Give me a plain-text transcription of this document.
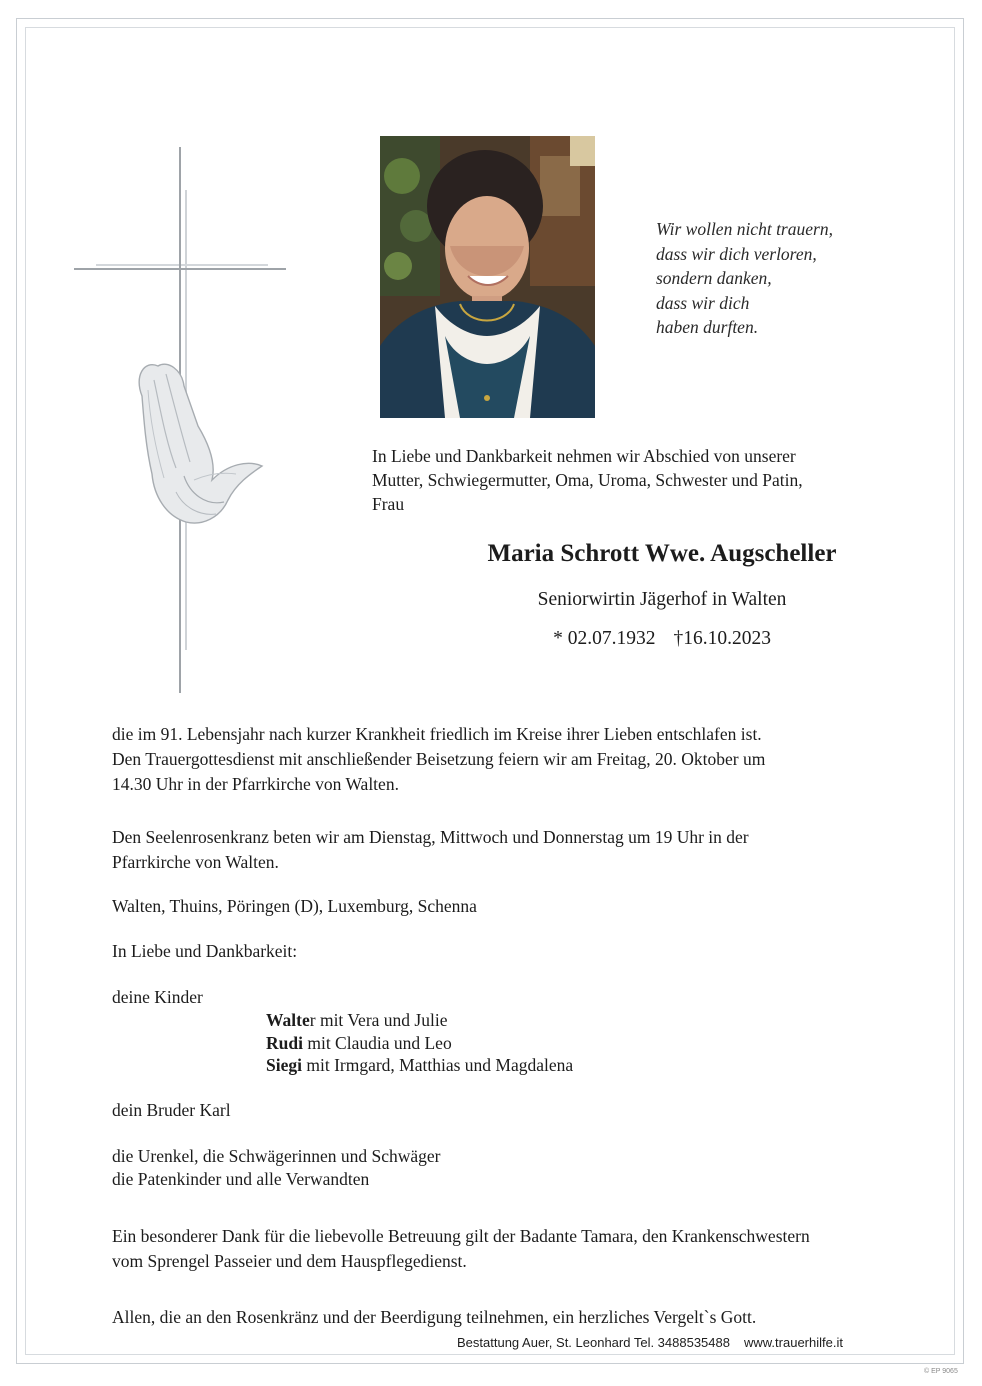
Wir wollen nicht trauern,
dass wir dich verloren,
sondern danken,
dass wir dich
haben durften.
In Liebe und Dankbarkeit nehmen wir Abschied von unserer
Mutter, Schwiegermutter, Oma, Uroma, Schwester und Patin,
Frau
Maria Schrott Wwe. Augscheller
Seniorwirtin Jägerhof in Walten
* 02.07.1932 †16.10.2023
die im 91. Lebensjahr nach kurzer Krankheit friedlich im Kreise ihrer Lieben entschlafen ist.
Den Trauergottesdienst mit anschließender Beisetzung feiern wir am Freitag, 20. Oktober um
14.30 Uhr in der Pfarrkirche von Walten.
Den Seelenrosenkranz beten wir am Dienstag, Mittwoch und Donnerstag um 19 Uhr in der
Pfarrkirche von Walten.
Walten, Thuins, Pöringen (D), Luxemburg, Schenna
In Liebe und Dankbarkeit:
deine Kinder
Walter mit Vera und Julie
Rudi mit Claudia und Leo
Siegi mit Irmgard, Matthias und Magdalena
dein Bruder Karl
die Urenkel, die Schwägerinnen und Schwäger
die Patenkinder und alle Verwandten
Ein besonderer Dank für die liebevolle Betreuung gilt der Badante Tamara, den Krankenschwestern
vom Sprengel Passeier und dem Hauspflegedienst.
Allen, die an den Rosenkränz und der Beerdigung teilnehmen, ein herzliches Vergelt`s Gott.
Bestattung Auer, St. Leonhard Tel. 3488535488 www.trauerhilfe.it
© EP 9065
